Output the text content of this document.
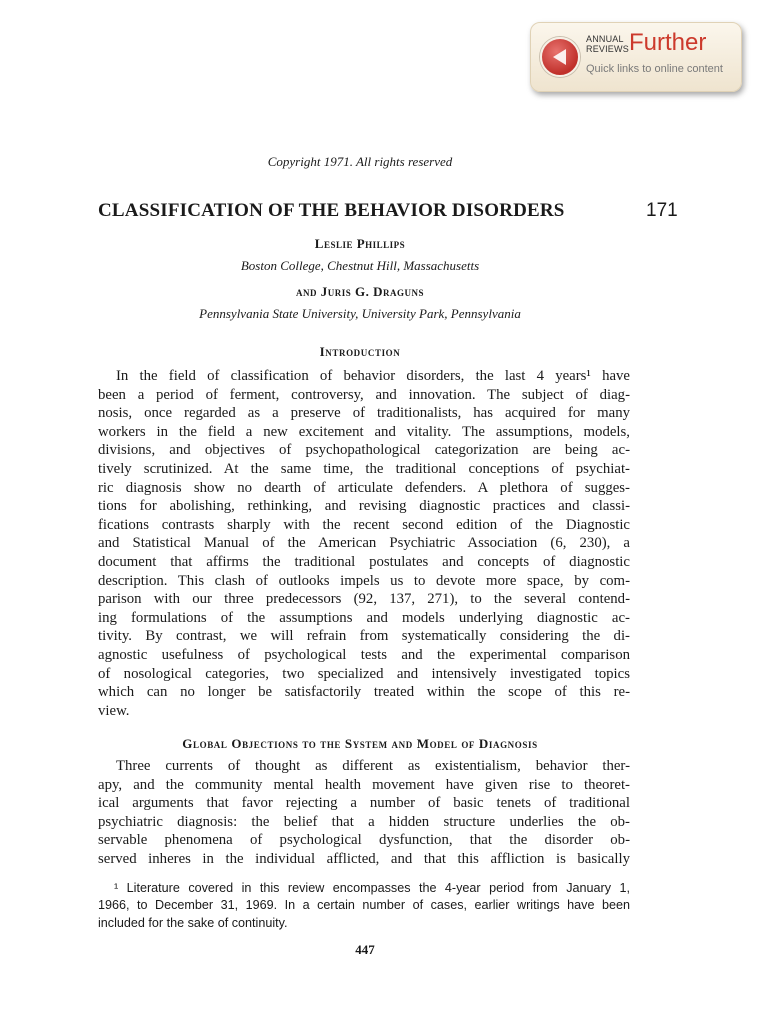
ANNUAL
REVIEWS Further
Quick links to online content
Copyright 1971. All rights reserved
CLASSIFICATION OF THE BEHAVIOR DISORDERS	171
Leslie Phillips
Boston College, Chestnut Hill, Massachusetts
and Juris G. Draguns
Pennsylvania State University, University Park, Pennsylvania
Introduction
In the field of classification of behavior disorders, the last 4 years¹ have
been a period of ferment, controversy, and innovation. The subject of diag-
nosis, once regarded as a preserve of traditionalists, has acquired for many
workers in the field a new excitement and vitality. The assumptions, models,
divisions, and objectives of psychopathological categorization are being ac-
tively scrutinized. At the same time, the traditional conceptions of psychiat-
ric diagnosis show no dearth of articulate defenders. A plethora of sugges-
tions for abolishing, rethinking, and revising diagnostic practices and classi-
fications contrasts sharply with the recent second edition of the Diagnostic
and Statistical Manual of the American Psychiatric Association (6, 230), a
document that affirms the traditional postulates and concepts of diagnostic
description. This clash of outlooks impels us to devote more space, by com-
parison with our three predecessors (92, 137, 271), to the several contend-
ing formulations of the assumptions and models underlying diagnostic ac-
tivity. By contrast, we will refrain from systematically considering the di-
agnostic usefulness of psychological tests and the experimental comparison
of nosological categories, two specialized and intensively investigated topics
which can no longer be satisfactorily treated within the scope of this re-
view.
Global Objections to the System and Model of Diagnosis
Three currents of thought as different as existentialism, behavior ther-
apy, and the community mental health movement have given rise to theoret-
ical arguments that favor rejecting a number of basic tenets of traditional
psychiatric diagnosis: the belief that a hidden structure underlies the ob-
servable phenomena of psychological dysfunction, that the disorder ob-
served inheres in the individual afflicted, and that this affliction is basically
¹ Literature covered in this review encompasses the 4-year period from January 1,
1966, to December 31, 1969. In a certain number of cases, earlier writings have been
included for the sake of continuity.
447
